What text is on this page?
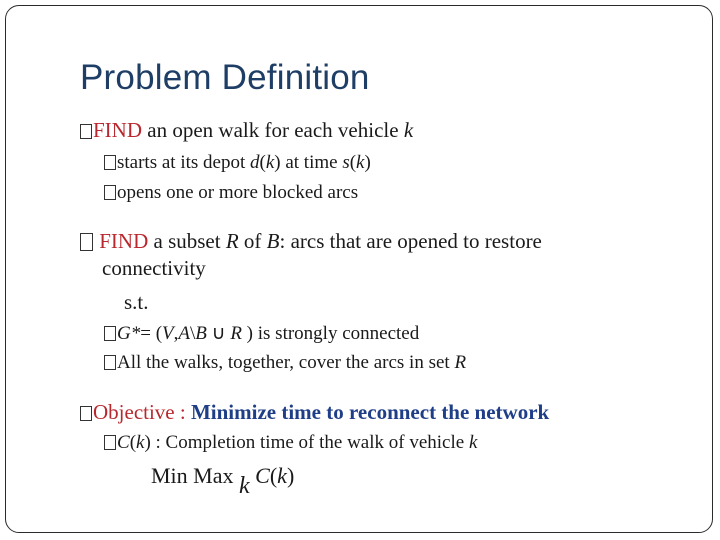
Problem Definition
FIND an open walk for each vehicle k
starts at its depot d(k) at time s(k)
opens one or more blocked arcs
FIND a subset R of B: arcs that are opened to restore
connectivity
s.t.
G*= (V,A\B ∪ R ) is strongly connected
All the walks, together, cover the arcs in set R
Objective : Minimize time to reconnect the network
C(k) : Completion time of the walk of vehicle k
Min Max $_k$ C(k)
